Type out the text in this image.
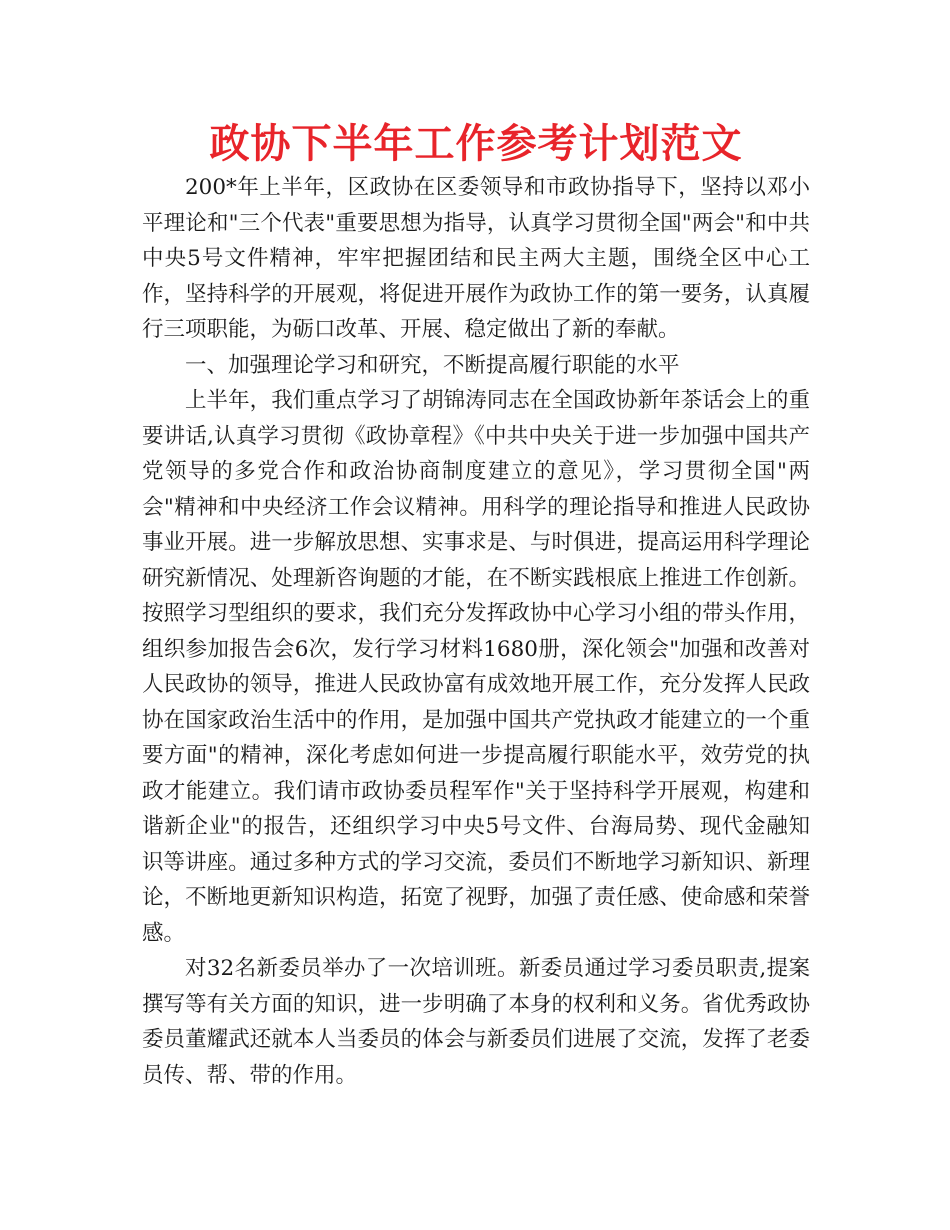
政协下半年工作参考计划范文

200*年上半年，区政协在区委领导和市政协指导下，坚持以邓小平理论和"三个代表"重要思想为指导，认真学习贯彻全国"两会"和中共中央5号文件精神，牢牢把握团结和民主两大主题，围绕全区中心工作，坚持科学的开展观，将促进开展作为政协工作的第一要务，认真履行三项职能，为砺口改革、开展、稳定做出了新的奉献。

一、加强理论学习和研究，不断提高履行职能的水平

上半年，我们重点学习了胡锦涛同志在全国政协新年茶话会上的重要讲话,认真学习贯彻《政协章程》《中共中央关于进一步加强中国共产党领导的多党合作和政治协商制度建立的意见》，学习贯彻全国"两会"精神和中央经济工作会议精神。用科学的理论指导和推进人民政协事业开展。进一步解放思想、实事求是、与时俱进，提高运用科学理论研究新情况、处理新咨询题的才能，在不断实践根底上推进工作创新。按照学习型组织的要求，我们充分发挥政协中心学习小组的带头作用，组织参加报告会6次，发行学习材料1680册，深化领会"加强和改善对人民政协的领导，推进人民政协富有成效地开展工作，充分发挥人民政协在国家政治生活中的作用，是加强中国共产党执政才能建立的一个重要方面"的精神，深化考虑如何进一步提高履行职能水平，效劳党的执政才能建立。我们请市政协委员程军作"关于坚持科学开展观，构建和谐新企业"的报告，还组织学习中央5号文件、台海局势、现代金融知识等讲座。通过多种方式的学习交流，委员们不断地学习新知识、新理论，不断地更新知识构造，拓宽了视野，加强了责任感、使命感和荣誉感。

对32名新委员举办了一次培训班。新委员通过学习委员职责,提案撰写等有关方面的知识，进一步明确了本身的权利和义务。省优秀政协委员董耀武还就本人当委员的体会与新委员们进展了交流，发挥了老委员传、帮、带的作用。
